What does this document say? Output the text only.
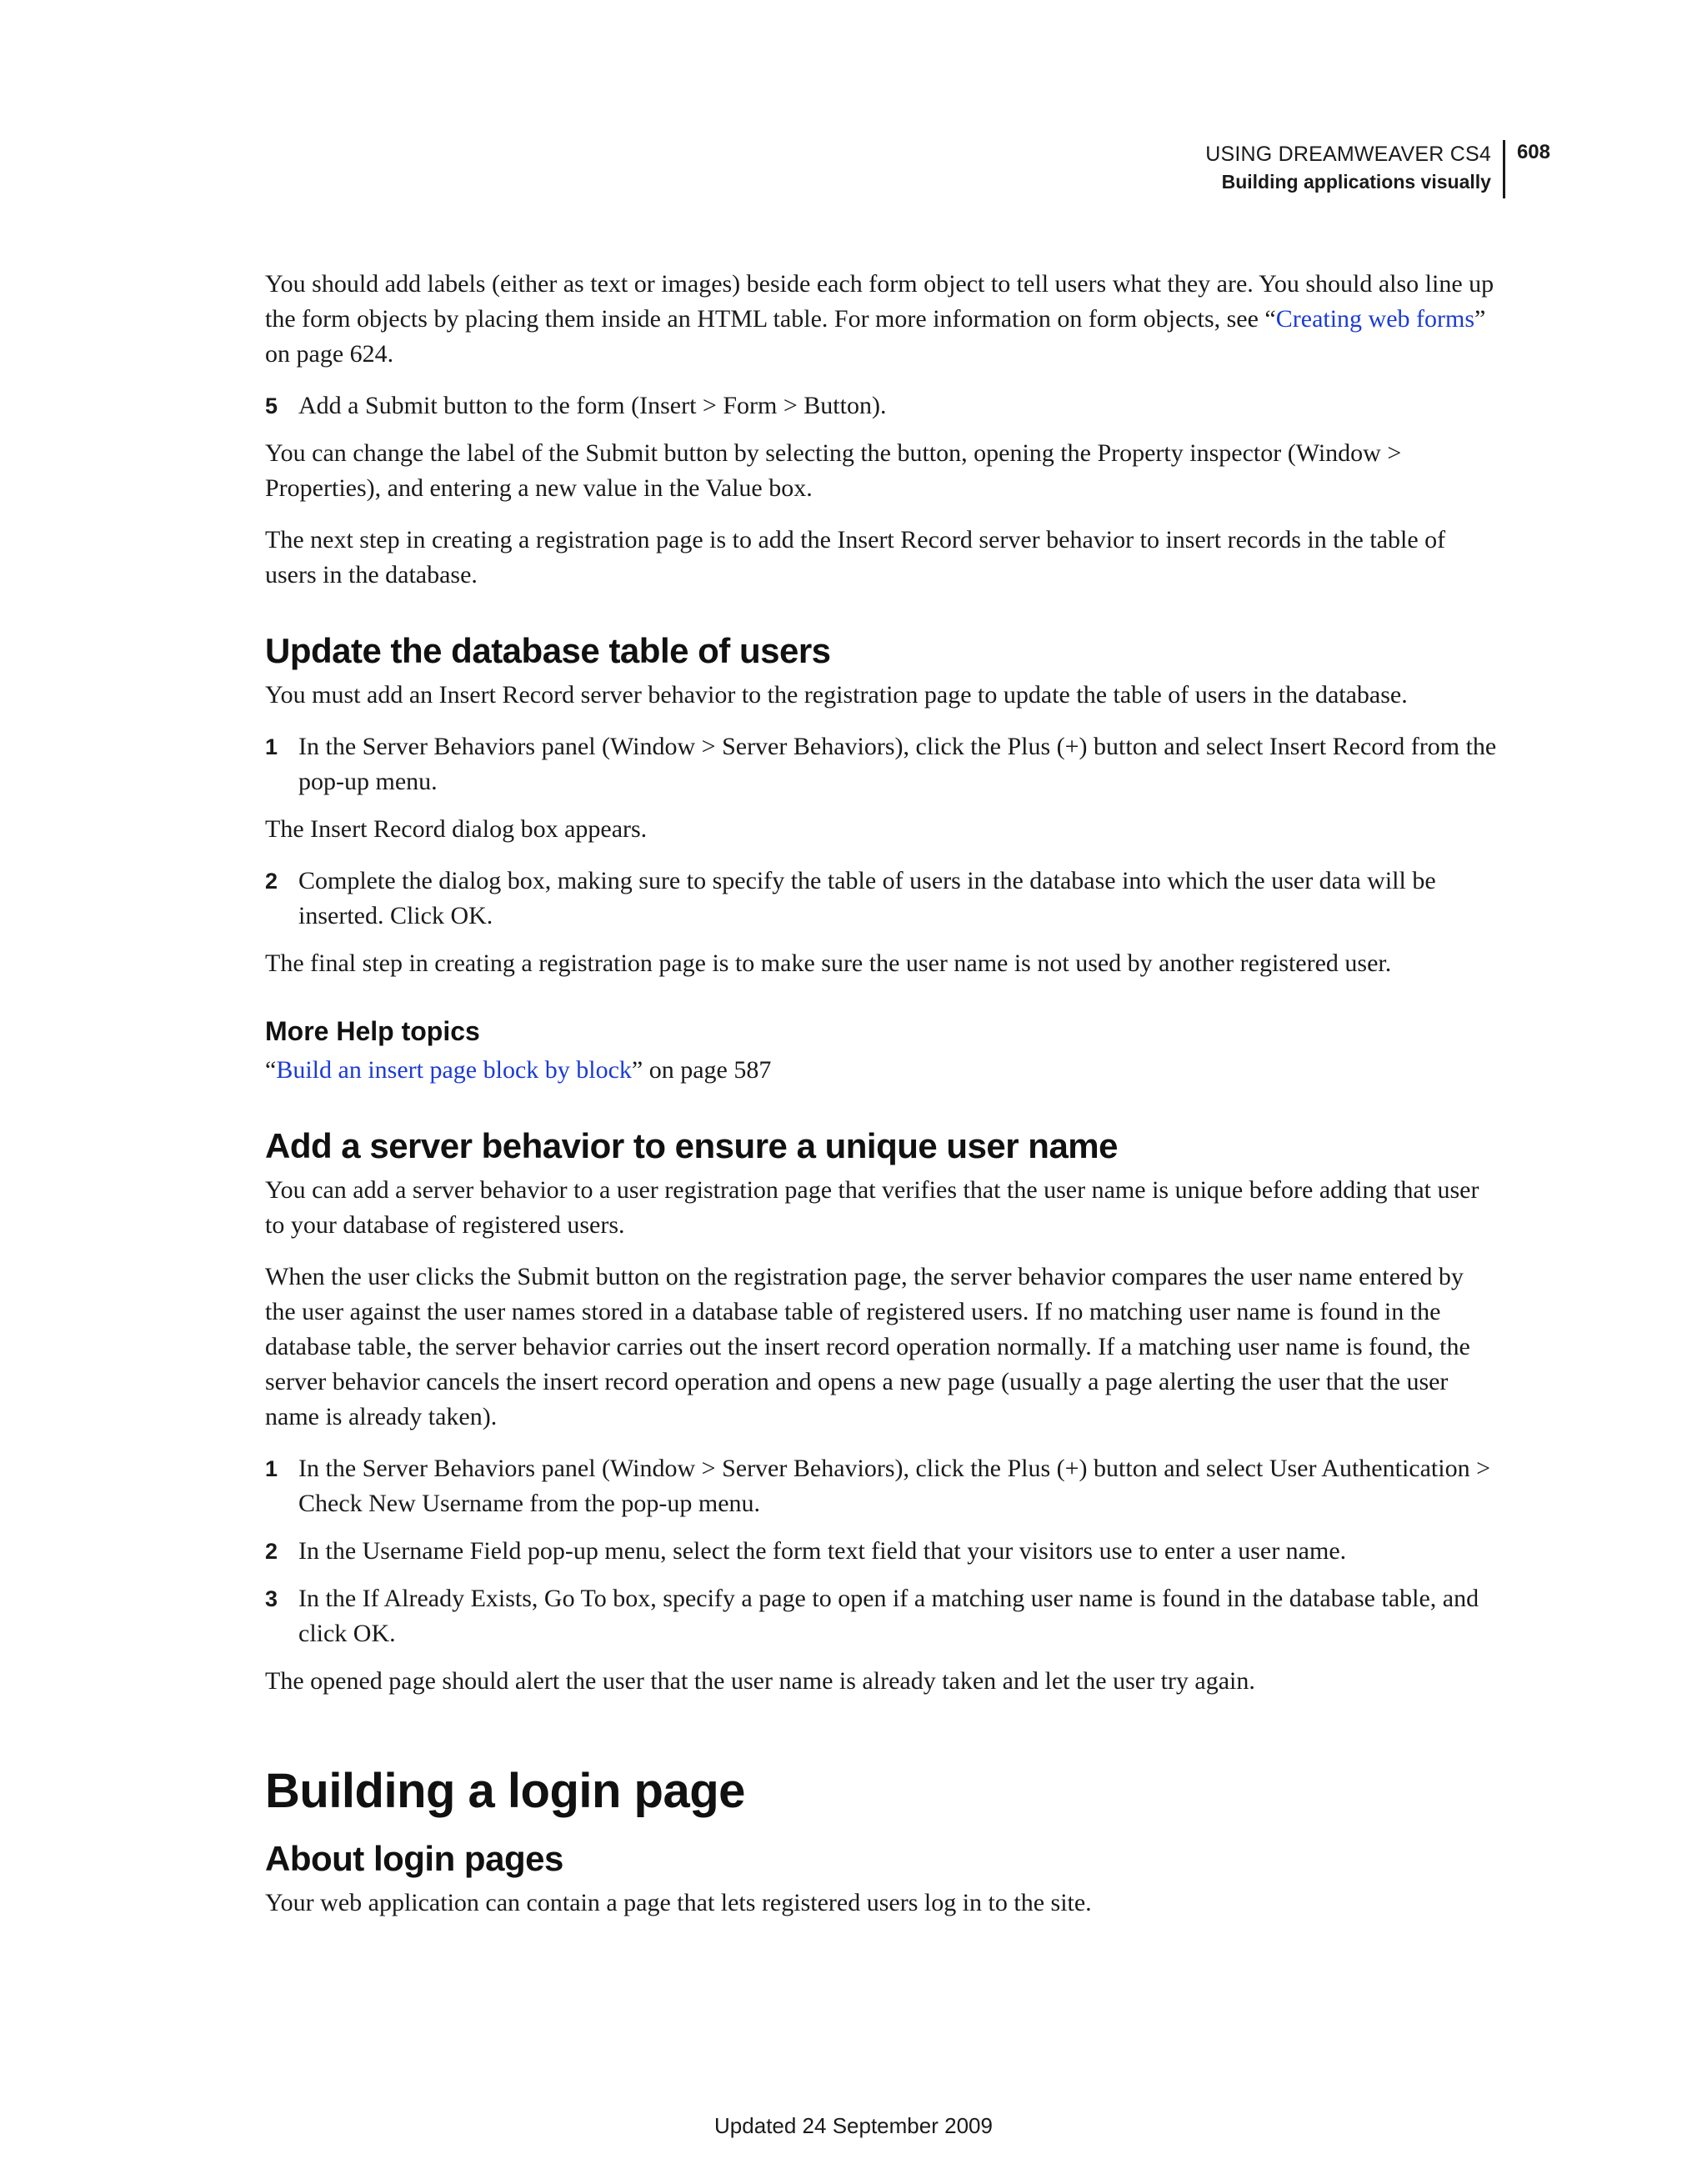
USING DREAMWEAVER CS4
Building applications visually
608

You should add labels (either as text or images) beside each form object to tell users what they are. You should also line up the form objects by placing them inside an HTML table. For more information on form objects, see “Creating web forms” on page 624.

5 Add a Submit button to the form (Insert > Form > Button).

You can change the label of the Submit button by selecting the button, opening the Property inspector (Window > Properties), and entering a new value in the Value box.

The next step in creating a registration page is to add the Insert Record server behavior to insert records in the table of users in the database.

Update the database table of users

You must add an Insert Record server behavior to the registration page to update the table of users in the database.

1 In the Server Behaviors panel (Window > Server Behaviors), click the Plus (+) button and select Insert Record from the pop-up menu.

The Insert Record dialog box appears.

2 Complete the dialog box, making sure to specify the table of users in the database into which the user data will be inserted. Click OK.

The final step in creating a registration page is to make sure the user name is not used by another registered user.

More Help topics

“Build an insert page block by block” on page 587

Add a server behavior to ensure a unique user name

You can add a server behavior to a user registration page that verifies that the user name is unique before adding that user to your database of registered users.

When the user clicks the Submit button on the registration page, the server behavior compares the user name entered by the user against the user names stored in a database table of registered users. If no matching user name is found in the database table, the server behavior carries out the insert record operation normally. If a matching user name is found, the server behavior cancels the insert record operation and opens a new page (usually a page alerting the user that the user name is already taken).

1 In the Server Behaviors panel (Window > Server Behaviors), click the Plus (+) button and select User Authentication > Check New Username from the pop-up menu.
2 In the Username Field pop-up menu, select the form text field that your visitors use to enter a user name.
3 In the If Already Exists, Go To box, specify a page to open if a matching user name is found in the database table, and click OK.

The opened page should alert the user that the user name is already taken and let the user try again.

Building a login page
About login pages

Your web application can contain a page that lets registered users log in to the site.

Updated 24 September 2009
